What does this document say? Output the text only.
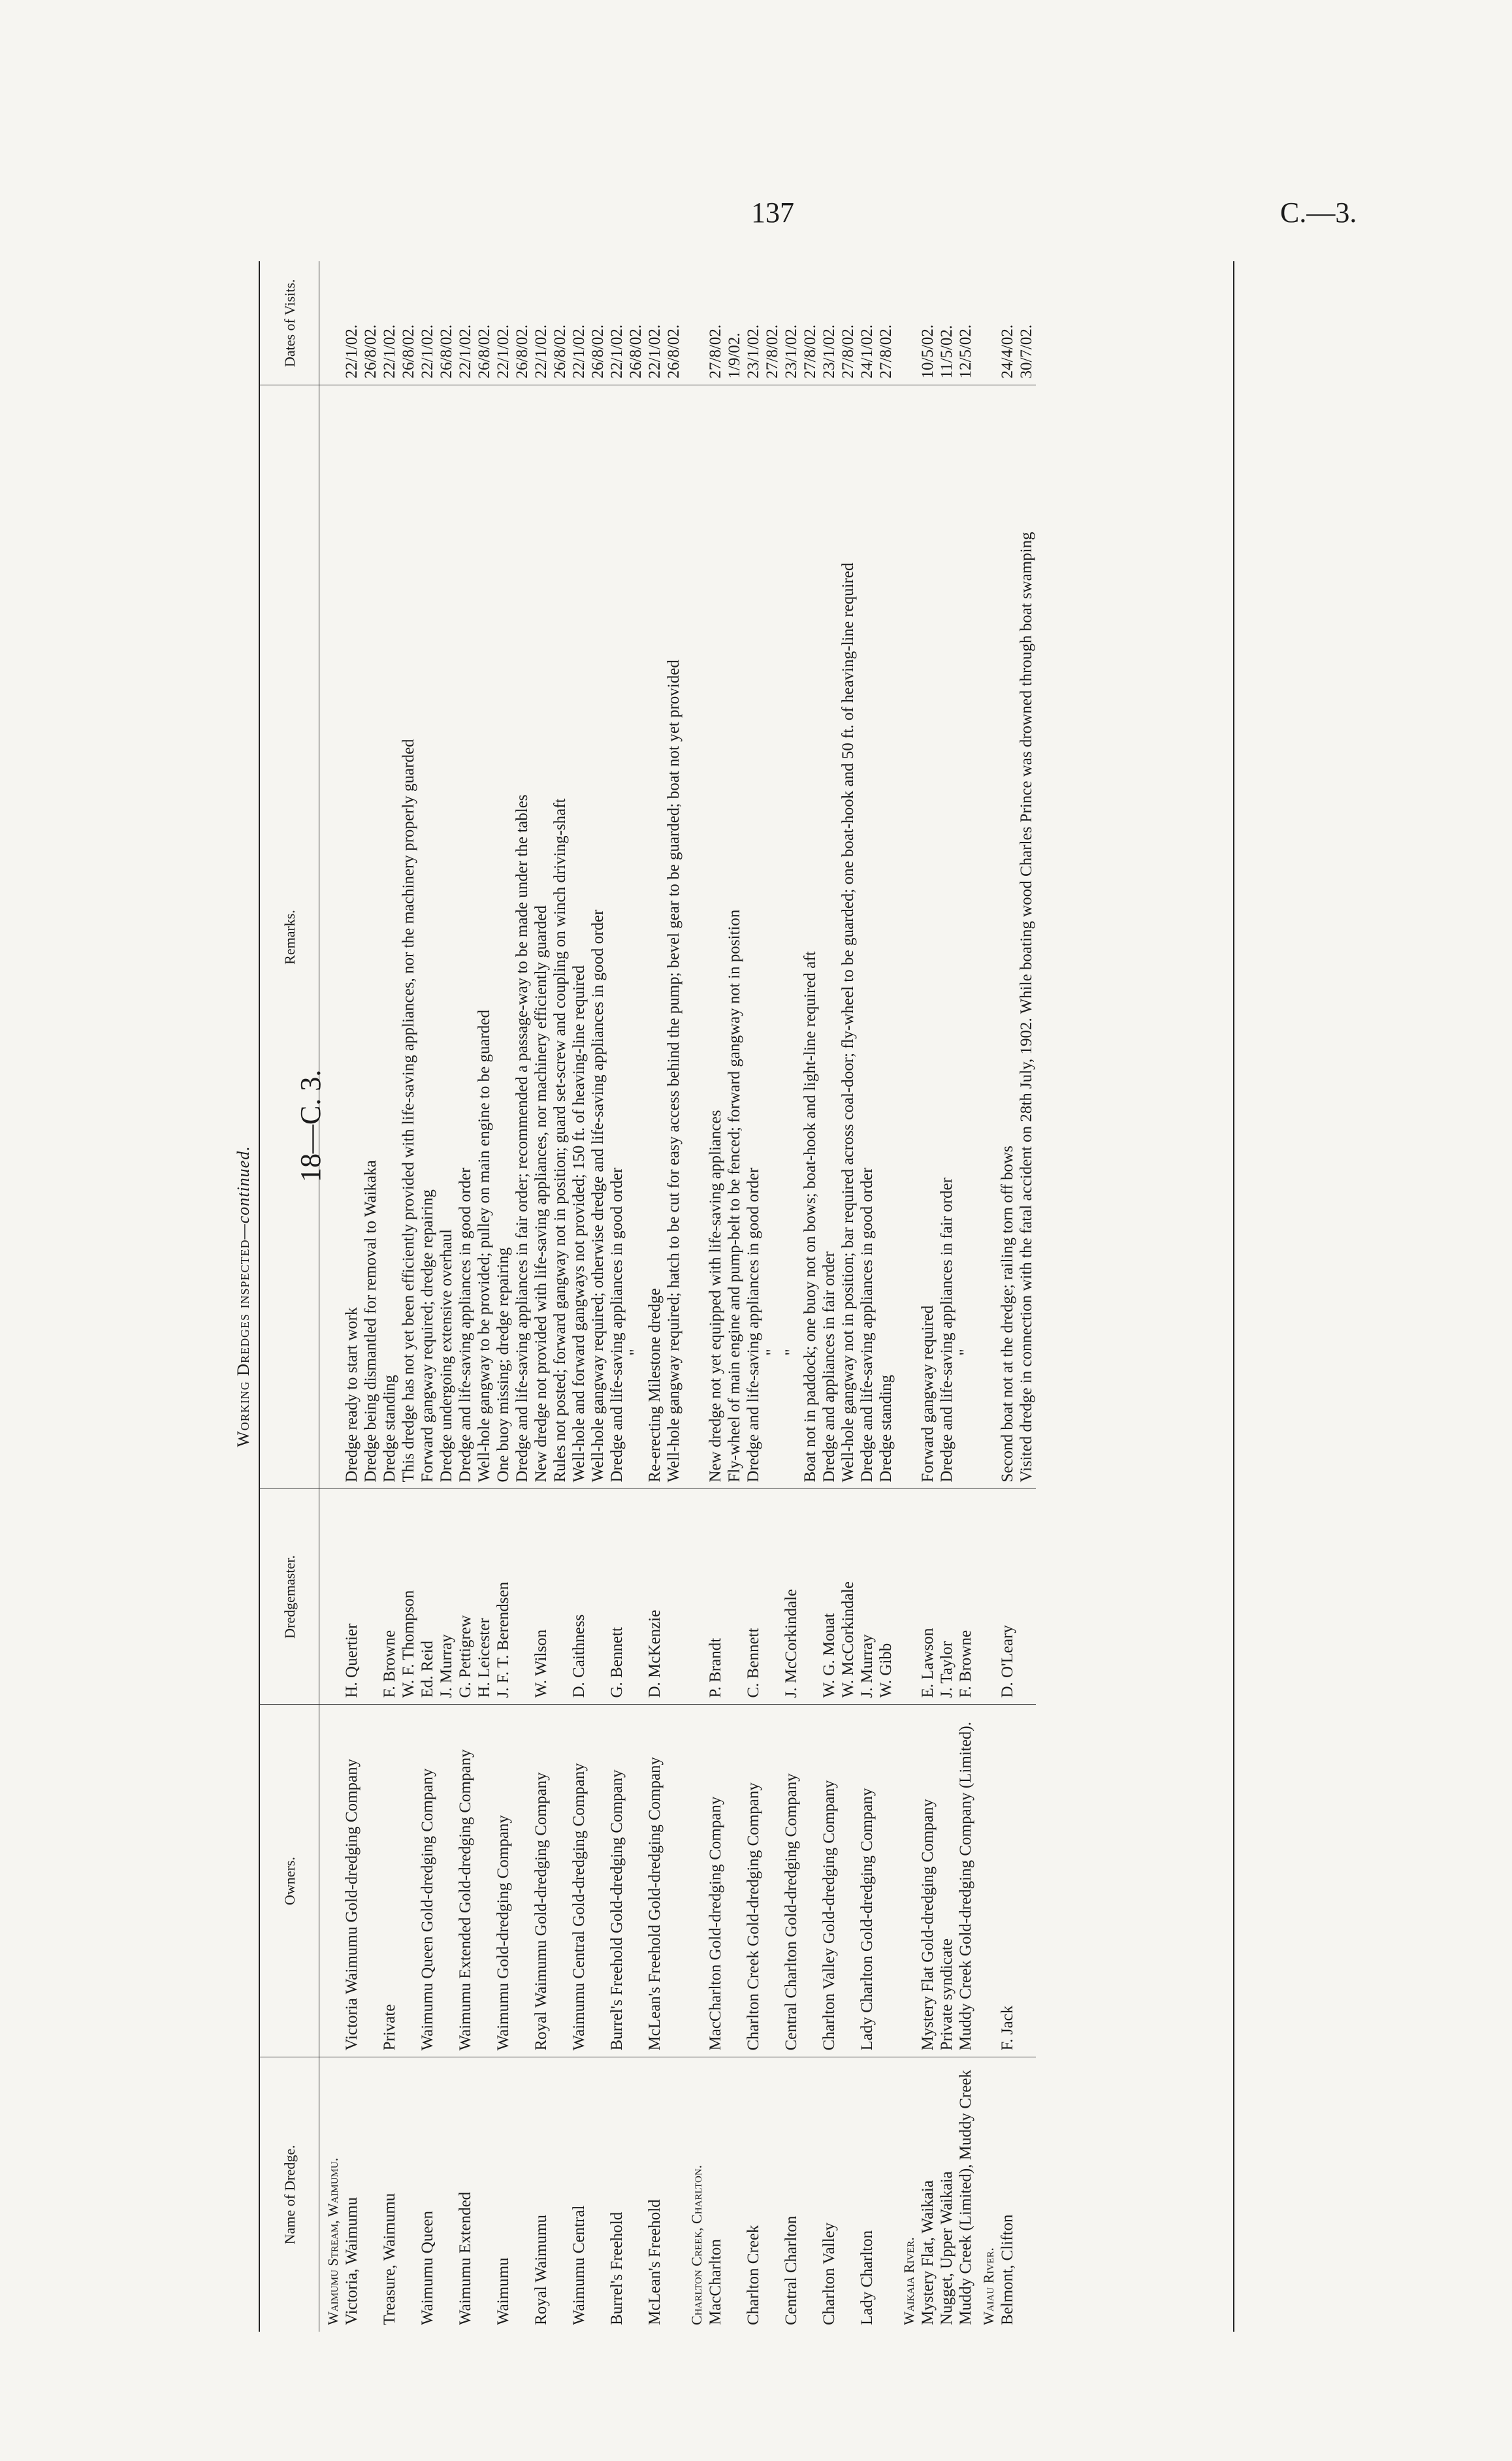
137	C.—3.
Working Dredges inspected—continued.
Name of Dredge.	Owners.	Dredgemaster.	Remarks.	Dates of Visits.
Waimumu Stream, Waimumu.				
Victoria, Waimumu	Victoria Waimumu Gold-dredging Company	H. Quertier	Dredge ready to start work	22/1/02.
			Dredge being dismantled for removal to Waikaka	26/8/02.
Treasure, Waimumu	Private	F. Browne	Dredge standing	22/1/02.
		W. F. Thompson	This dredge has not yet been efficiently provided with life-saving appliances, nor the machinery properly guarded	26/8/02.
Waimumu Queen	Waimumu Queen Gold-dredging Company	Ed. Reid	Forward gangway required; dredge repairing	22/1/02.
		J. Murray	Dredge undergoing extensive overhaul	26/8/02.
Waimumu Extended	Waimumu Extended Gold-dredging Company	G. Pettigrew	Dredge and life-saving appliances in good order	22/1/02.
		H. Leicester	Well-hole gangway to be provided; pulley on main engine to be guarded	26/8/02.
Waimumu	Waimumu Gold-dredging Company	J. F. T. Berendsen	One buoy missing; dredge repairing	22/1/02.
			Dredge and life-saving appliances in fair order; recommended a passage-way to be made under the tables	26/8/02.
Royal Waimumu	Royal Waimumu Gold-dredging Company	W. Wilson	New dredge not provided with life-saving appliances, nor machinery efficiently guarded	22/1/02.
			Rules not posted; forward gangway not in position; guard set-screw and coupling on winch driving-shaft	26/8/02.
Waimumu Central	Waimumu Central Gold-dredging Company	D. Caithness	Well-hole and forward gangways not provided; 150 ft. of heaving-line required	22/1/02.
			Well-hole gangway required; otherwise dredge and life-saving appliances in good order	26/8/02.
Burrel's Freehold	Burrel's Freehold Gold-dredging Company	G. Bennett	Dredge and life-saving appliances in good order	22/1/02.
			"	26/8/02.
McLean's Freehold	McLean's Freehold Gold-dredging Company	D. McKenzie	Re-erecting Milestone dredge	22/1/02.
			Well-hole gangway required; hatch to be cut for easy access behind the pump; bevel gear to be guarded; boat not yet provided	26/8/02.
Charlton Creek, Charlton.				
MacCharlton	MacCharlton Gold-dredging Company	P. Brandt	New dredge not yet equipped with life-saving appliances	27/8/02.
			Fly-wheel of main engine and pump-belt to be fenced; forward gangway not in position	1/9/02.
Charlton Creek	Charlton Creek Gold-dredging Company	C. Bennett	Dredge and life-saving appliances in good order	23/1/02.
			"	27/8/02.
Central Charlton	Central Charlton Gold-dredging Company	J. McCorkindale	"	23/1/02.
			Boat not in paddock; one buoy not on bows; boat-hook and light-line required aft	27/8/02.
Charlton Valley	Charlton Valley Gold-dredging Company	W. G. Mouat	Dredge and appliances in fair order	23/1/02.
		W. McCorkindale	Well-hole gangway not in position; bar required across coal-door; fly-wheel to be guarded; one boat-hook and 50 ft. of heaving-line required	27/8/02.
Lady Charlton	Lady Charlton Gold-dredging Company	J. Murray	Dredge and life-saving appliances in good order	24/1/02.
		W. Gibb	Dredge standing	27/8/02.
Waikaia River.				
Mystery Flat, Waikaia	Mystery Flat Gold-dredging Company	E. Lawson	Forward gangway required	10/5/02.
Nugget, Upper Waikaia	Private syndicate	J. Taylor	Dredge and life-saving appliances in fair order	11/5/02.
Muddy Creek (Limited), Muddy Creek	Muddy Creek Gold-dredging Company (Limited).	F. Browne	"	12/5/02.
Waiau River.				
Belmont, Clifton	F. Jack	D. O'Leary	Second boat not at the dredge; railing torn off bows	24/4/02.
			Visited dredge in connection with the fatal accident on 28th July, 1902. While boating wood Charles Prince was drowned through boat swamping	30/7/02.
18—C. 3.
